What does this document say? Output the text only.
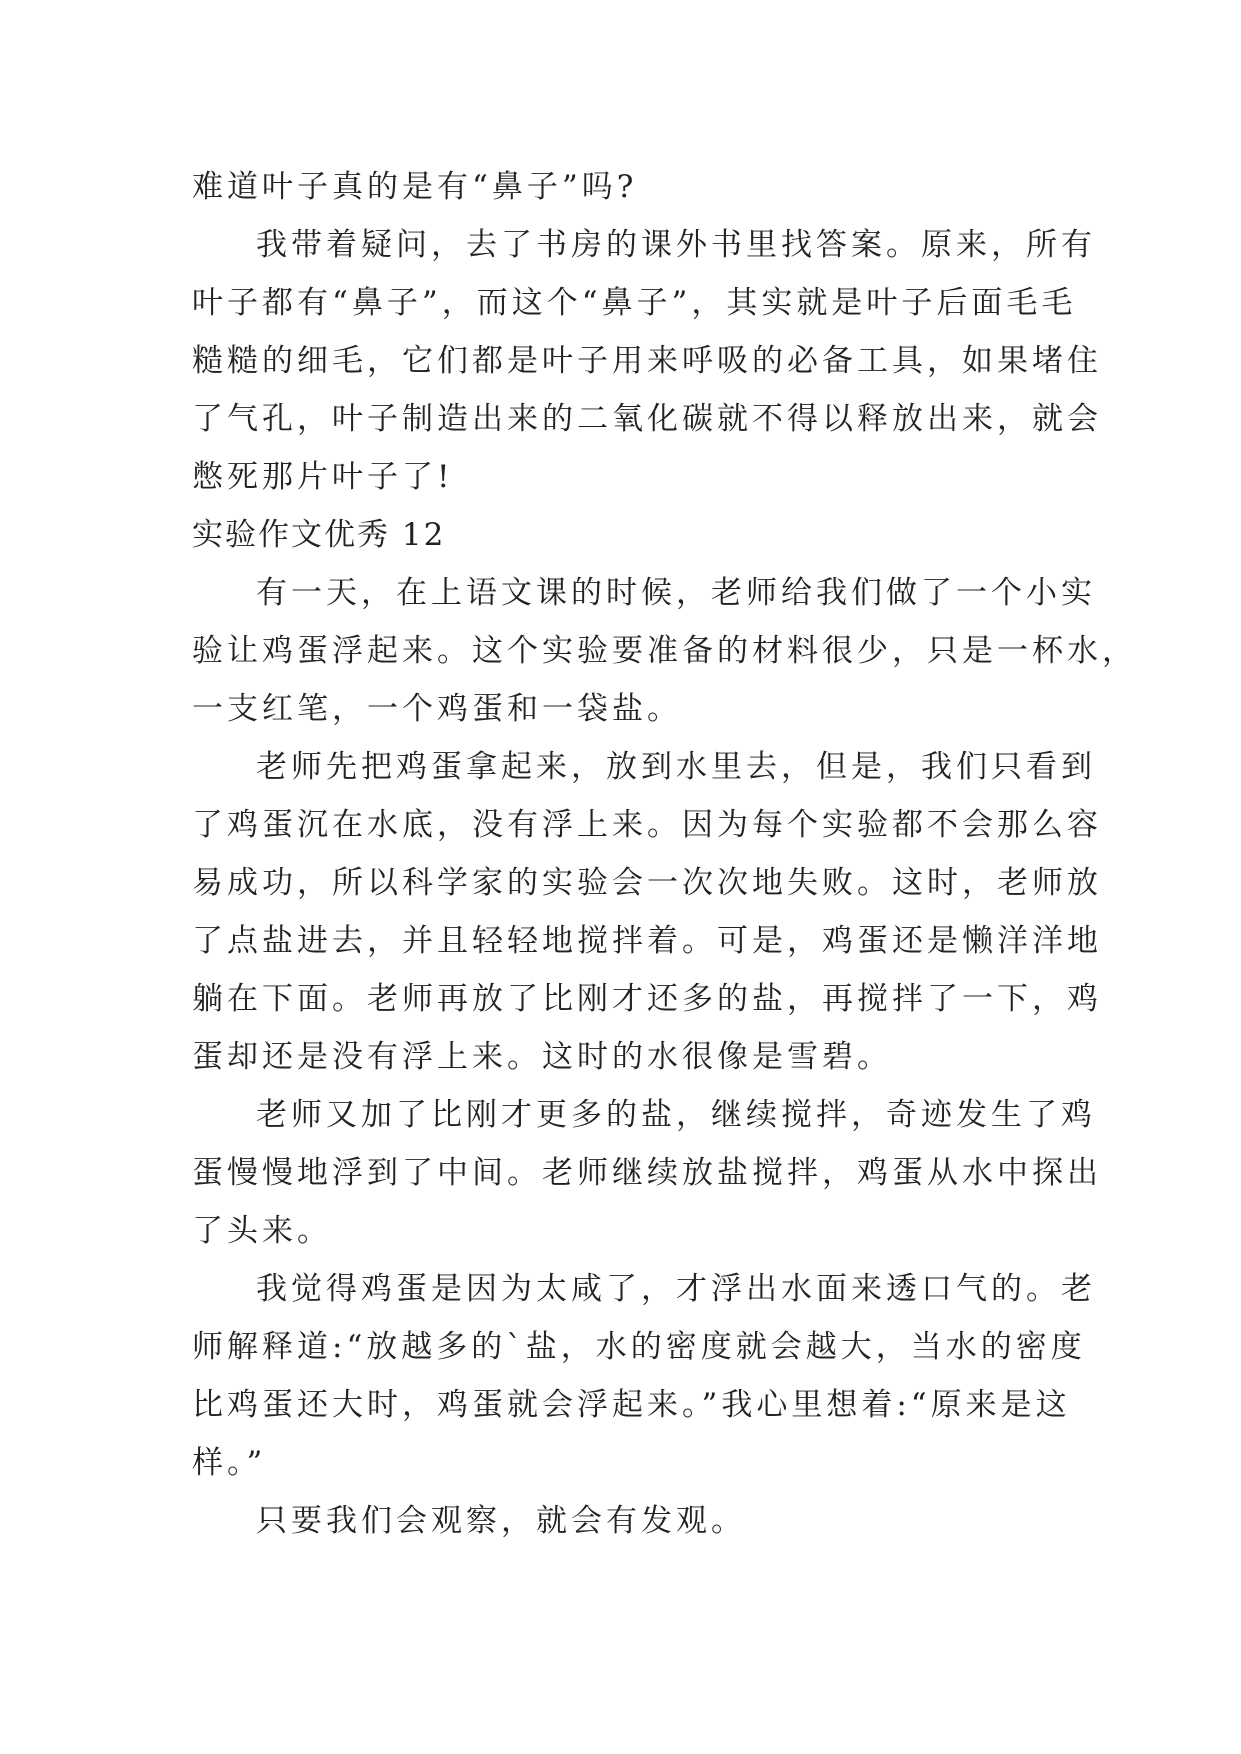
难道叶子真的是有“鼻子”吗?
我带着疑问，去了书房的课外书里找答案。原来，所有
叶子都有“鼻子”，而这个“鼻子”，其实就是叶子后面毛毛
糙糙的细毛，它们都是叶子用来呼吸的必备工具，如果堵住
了气孔，叶子制造出来的二氧化碳就不得以释放出来，就会
憋死那片叶子了!
实验作文优秀 12
有一天，在上语文课的时候，老师给我们做了一个小实
验让鸡蛋浮起来。这个实验要准备的材料很少，只是一杯水，
一支红笔，一个鸡蛋和一袋盐。
老师先把鸡蛋拿起来，放到水里去，但是，我们只看到
了鸡蛋沉在水底，没有浮上来。因为每个实验都不会那么容
易成功，所以科学家的实验会一次次地失败。这时，老师放
了点盐进去，并且轻轻地搅拌着。可是，鸡蛋还是懒洋洋地
躺在下面。老师再放了比刚才还多的盐，再搅拌了一下，鸡
蛋却还是没有浮上来。这时的水很像是雪碧。
老师又加了比刚才更多的盐，继续搅拌，奇迹发生了鸡
蛋慢慢地浮到了中间。老师继续放盐搅拌，鸡蛋从水中探出
了头来。
我觉得鸡蛋是因为太咸了，才浮出水面来透口气的。老
师解释道:“放越多的`盐，水的密度就会越大，当水的密度
比鸡蛋还大时，鸡蛋就会浮起来。”我心里想着:“原来是这
样。”
只要我们会观察，就会有发观。
